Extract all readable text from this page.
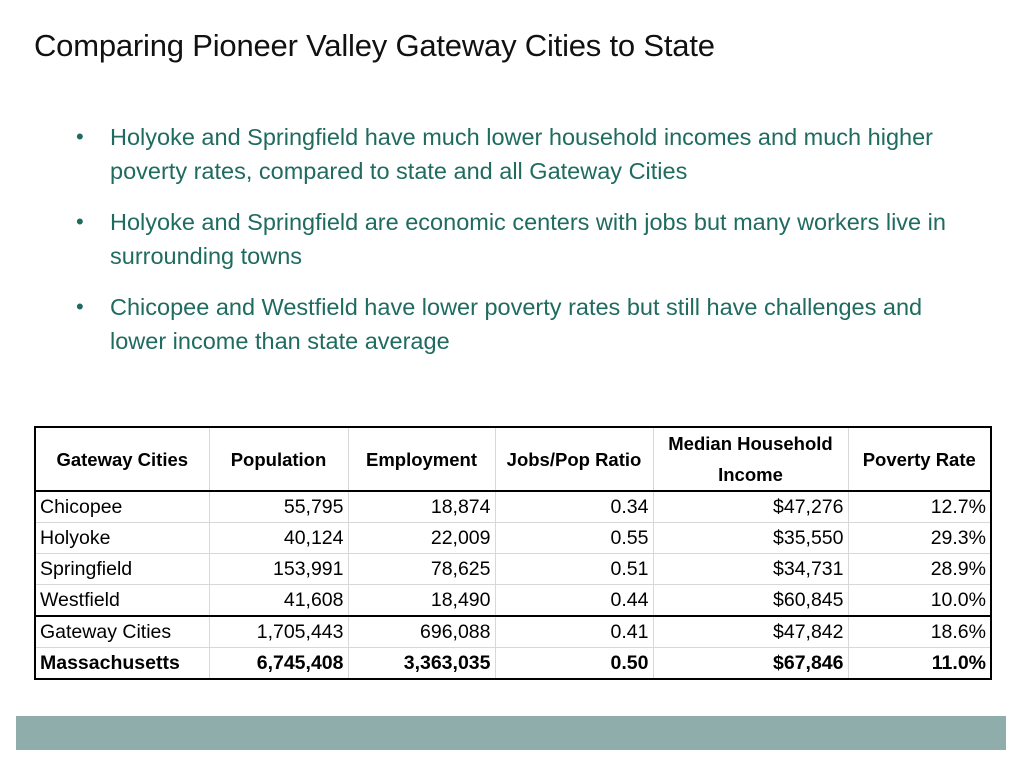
Comparing Pioneer Valley Gateway Cities to State
• Holyoke and Springfield have much lower household incomes and much higher poverty rates, compared to state and all Gateway Cities
• Holyoke and Springfield are economic centers with jobs but many workers live in surrounding towns
• Chicopee and Westfield have lower poverty rates but still have challenges and lower income than state average
Gateway Cities	Population	Employment	Jobs/Pop Ratio	Median Household Income	Poverty Rate
Chicopee	55,795	18,874	0.34	$47,276	12.7%
Holyoke	40,124	22,009	0.55	$35,550	29.3%
Springfield	153,991	78,625	0.51	$34,731	28.9%
Westfield	41,608	18,490	0.44	$60,845	10.0%
Gateway Cities	1,705,443	696,088	0.41	$47,842	18.6%
Massachusetts	6,745,408	3,363,035	0.50	$67,846	11.0%
